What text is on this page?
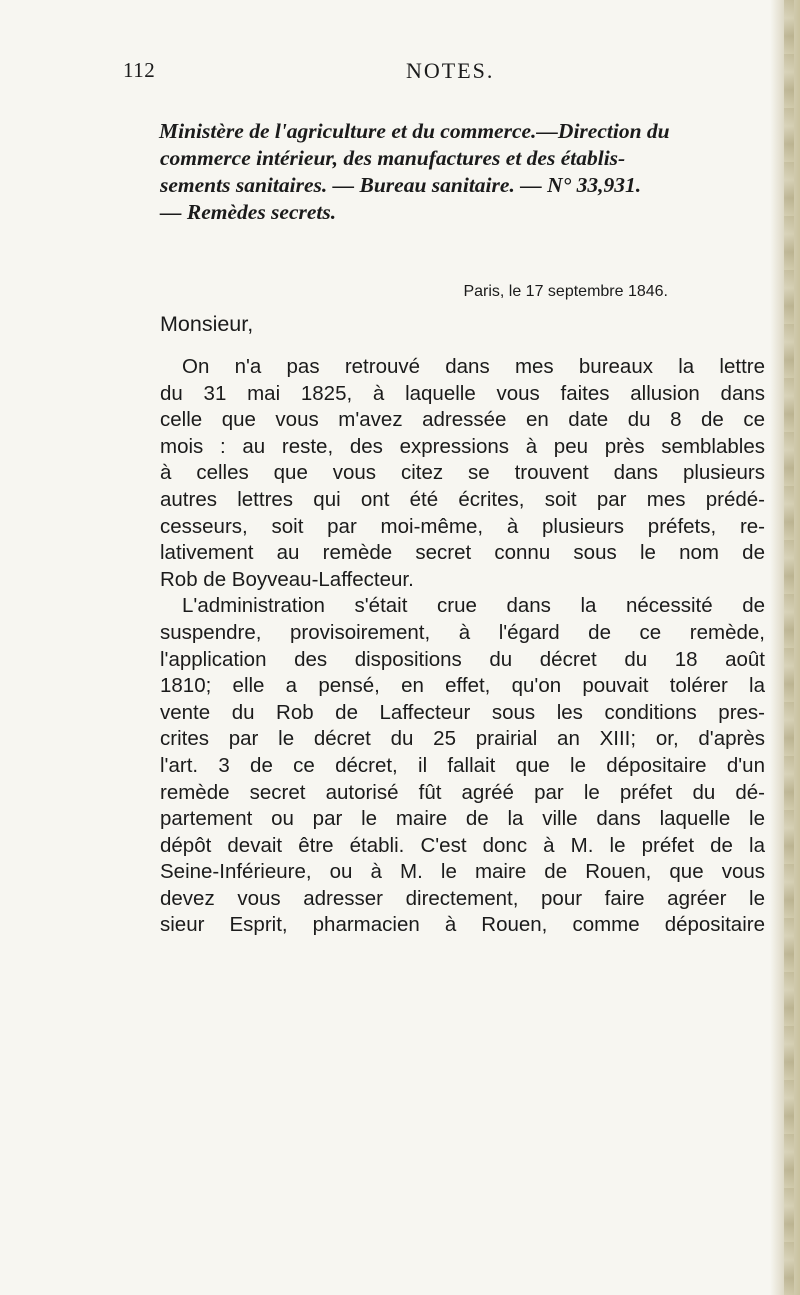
112	NOTES.
Ministère de l'agriculture et du commerce.—Direction du
commerce intérieur, des manufactures et des établis-
sements sanitaires. — Bureau sanitaire. — N° 33,931.
— Remèdes secrets.
Paris, le 17 septembre 1846.
Monsieur,
On n'a pas retrouvé dans mes bureaux la lettre
du 31 mai 1825, à laquelle vous faites allusion dans
celle que vous m'avez adressée en date du 8 de ce
mois : au reste, des expressions à peu près semblables
à celles que vous citez se trouvent dans plusieurs
autres lettres qui ont été écrites, soit par mes prédé-
cesseurs, soit par moi-même, à plusieurs préfets, re-
lativement au remède secret connu sous le nom de
Rob de Boyveau-Laffecteur.
L'administration s'était crue dans la nécessité de
suspendre, provisoirement, à l'égard de ce remède,
l'application des dispositions du décret du 18 août
1810; elle a pensé, en effet, qu'on pouvait tolérer la
vente du Rob de Laffecteur sous les conditions pres-
crites par le décret du 25 prairial an XIII; or, d'après
l'art. 3 de ce décret, il fallait que le dépositaire d'un
remède secret autorisé fût agréé par le préfet du dé-
partement ou par le maire de la ville dans laquelle le
dépôt devait être établi. C'est donc à M. le préfet de la
Seine-Inférieure, ou à M. le maire de Rouen, que vous
devez vous adresser directement, pour faire agréer le
sieur Esprit, pharmacien à Rouen, comme dépositaire
